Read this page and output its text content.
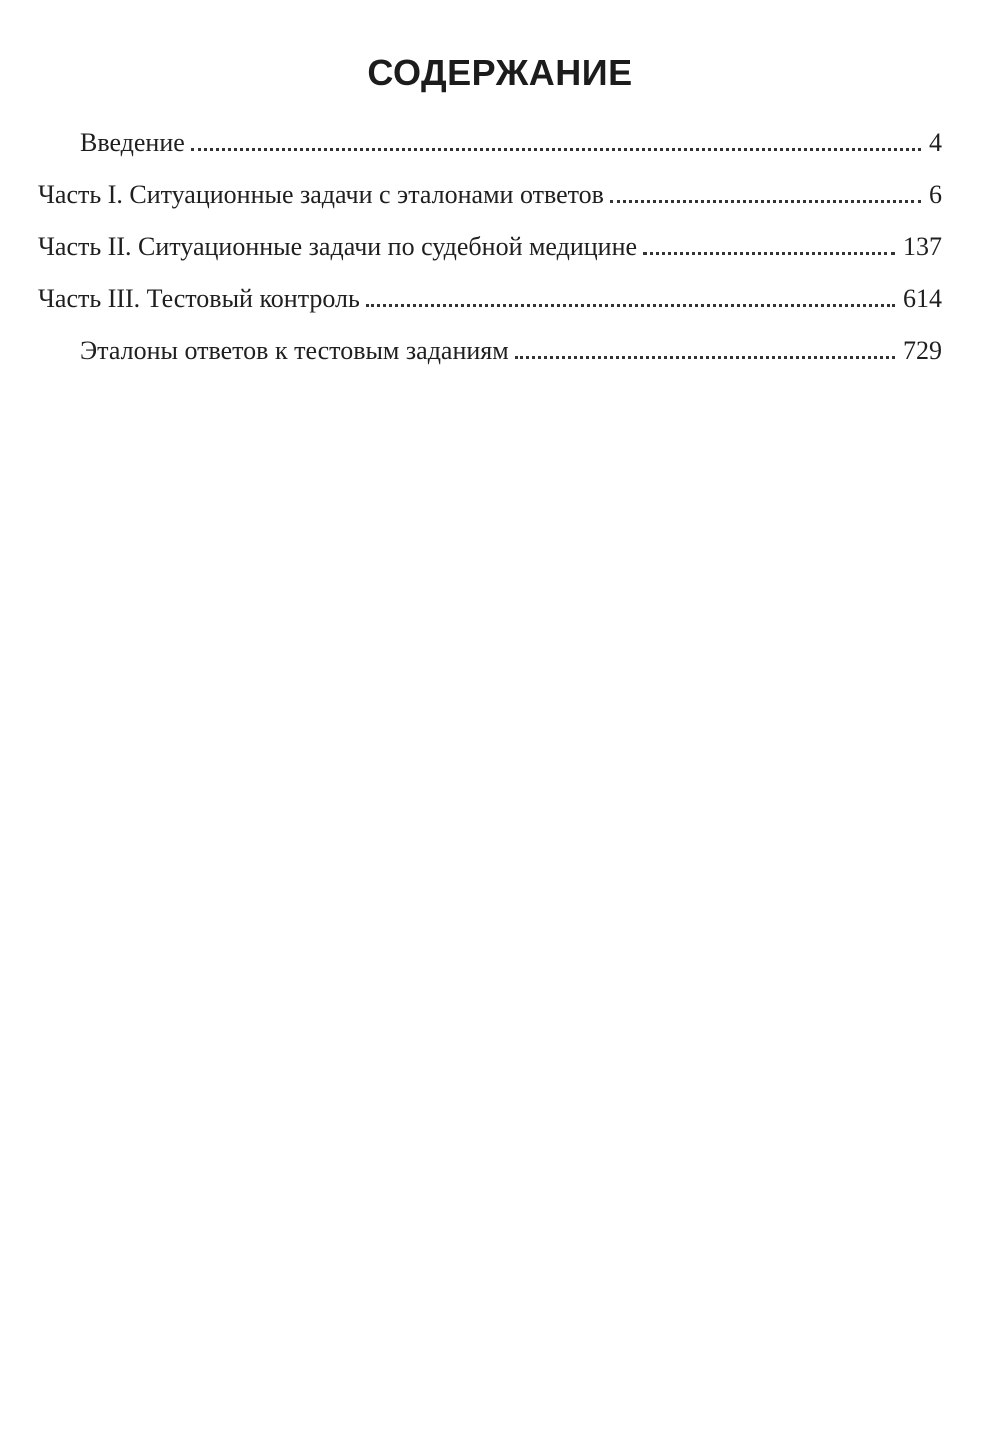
СОДЕРЖАНИЕ
Введение	4
Часть I. Ситуационные задачи с эталонами ответов	6
Часть II. Ситуационные задачи по судебной медицине	137
Часть III. Тестовый контроль	614
Эталоны ответов к тестовым заданиям	729
